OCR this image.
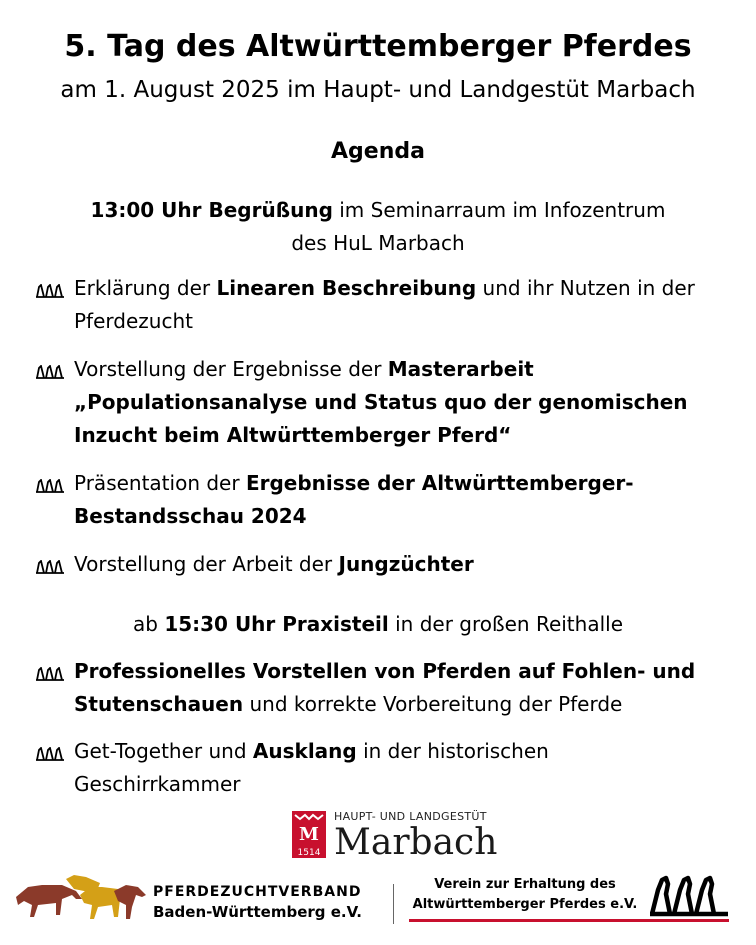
5. Tag des Altwürttemberger Pferdes
am 1. August 2025 im Haupt- und Landgestüt Marbach
Agenda
13:00 Uhr Begrüßung im Seminarraum im Infozentrum
des HuL Marbach
Erklärung der Linearen Beschreibung und ihr Nutzen in der Pferdezucht
Vorstellung der Ergebnisse der Masterarbeit „Populationsanalyse und Status quo der genomischen Inzucht beim Altwürttemberger Pferd“
Präsentation der Ergebnisse der Altwürttemberger-Bestandsschau 2024
Vorstellung der Arbeit der Jungzüchter
ab 15:30 Uhr Praxisteil in der großen Reithalle
Professionelles Vorstellen von Pferden auf Fohlen- und Stutenschauen und korrekte Vorbereitung der Pferde
Get-Together und Ausklang in der historischen Geschirrkammer
M
1514
HAUPT- UND LANDGESTÜT
Marbach
PFERDEZUCHTVERBAND
Baden-Württemberg e.V.
Verein zur Erhaltung des
Altwürttemberger Pferdes e.V.
